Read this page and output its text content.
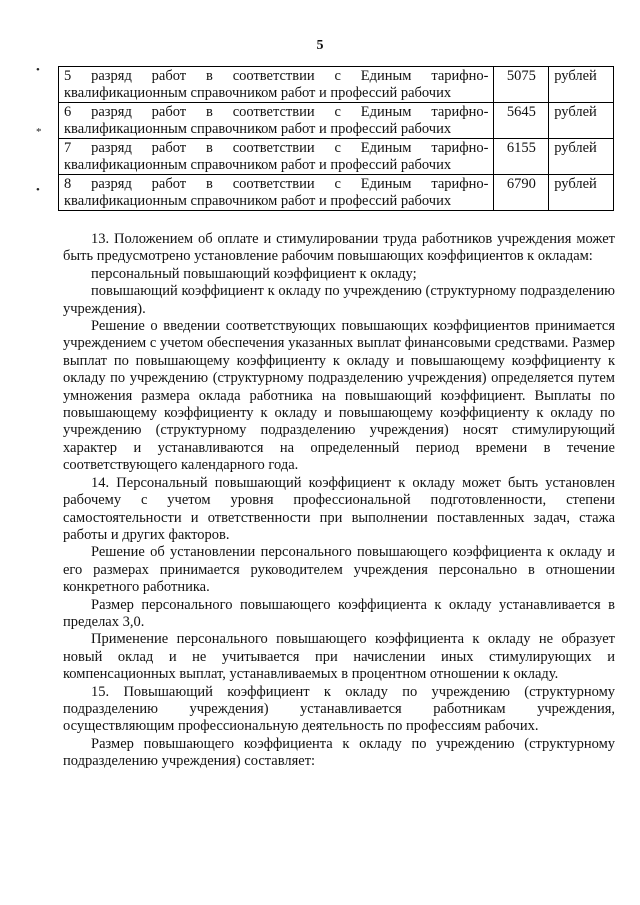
5
•
*
•
5 разряд работ в соответствии с Единым тарифно-квалификационным справочником работ и профессий рабочих	5075	рублей
6 разряд работ в соответствии с Единым тарифно-квалификационным справочником работ и профессий рабочих	5645	рублей
7 разряд работ в соответствии с Единым тарифно-квалификационным справочником работ и профессий рабочих	6155	рублей
8 разряд работ в соответствии с Единым тарифно-квалификационным справочником работ и профессий рабочих	6790	рублей

13. Положением об оплате и стимулировании труда работников учреждения может быть предусмотрено установление рабочим повышающих коэффициентов к окладам:

персональный повышающий коэффициент к окладу;

повышающий коэффициент к окладу по учреждению (структурному подразделению учреждения).

Решение о введении соответствующих повышающих коэффициентов принимается учреждением с учетом обеспечения указанных выплат финансовыми средствами. Размер выплат по повышающему коэффициенту к окладу и повышающему коэффициенту к окладу по учреждению (структурному подразделению учреждения) определяется путем умножения размера оклада работника на повышающий коэффициент. Выплаты по повышающему коэффициенту к окладу и повышающему коэффициенту к окладу по учреждению (структурному подразделению учреждения) носят стимулирующий характер и устанавливаются на определенный период времени в течение соответствующего календарного года.

14. Персональный повышающий коэффициент к окладу может быть установлен рабочему с учетом уровня профессиональной подготовленности, степени самостоятельности и ответственности при выполнении поставленных задач, стажа работы и других факторов.

Решение об установлении персонального повышающего коэффициента к окладу и его размерах принимается руководителем учреждения персонально в отношении конкретного работника.

Размер персонального повышающего коэффициента к окладу устанавливается в пределах 3,0.

Применение персонального повышающего коэффициента к окладу не образует новый оклад и не учитывается при начислении иных стимулирующих и компенсационных выплат, устанавливаемых в процентном отношении к окладу.

15. Повышающий коэффициент к окладу по учреждению (структурному подразделению учреждения) устанавливается работникам учреждения, осуществляющим профессиональную деятельность по профессиям рабочих.

Размер повышающего коэффициента к окладу по учреждению (структурному подразделению учреждения) составляет:
